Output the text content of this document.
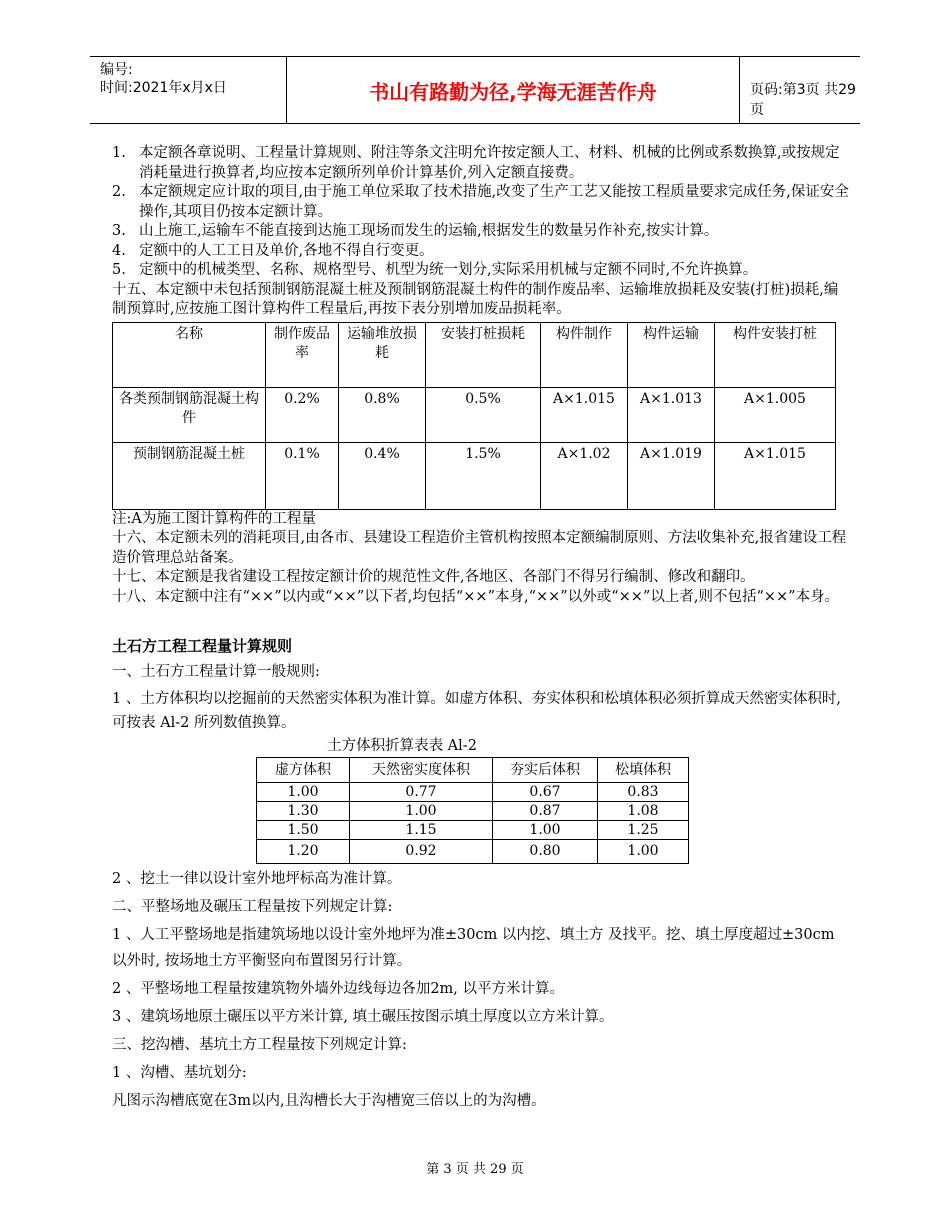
编号:
时间:2021年x月x日	书山有路勤为径,学海无涯苦作舟	页码:第3页 共29页
1. 本定额各章说明、工程量计算规则、附注等条文注明允许按定额人工、材料、机械的比例或系数换算,或按规定消耗量进行换算者,均应按本定额所列单价计算基价,列入定额直接费。
2. 本定额规定应计取的项目,由于施工单位采取了技术措施,改变了生产工艺又能按工程质量要求完成任务,保证安全操作,其项目仍按本定额计算。
3. 山上施工,运输车不能直接到达施工现场而发生的运输,根据发生的数量另作补充,按实计算。
4. 定额中的人工工日及单价,各地不得自行变更。
5. 定额中的机械类型、名称、规格型号、机型为统一划分,实际采用机械与定额不同时,不允许换算。

十五、本定额中未包括预制钢筋混凝土桩及预制钢筋混凝土构件的制作废品率、运输堆放损耗及安装(打桩)损耗,编制预算时,应按施工图计算构件工程量后,再按下表分别增加废品损耗率。

名称	制作废品率	运输堆放损耗	安装打桩损耗	构件制作	构件运输	构件安装打桩
各类预制钢筋混凝土构件	0.2%	0.8%	0.5%	A×1.015	A×1.013	A×1.005
预制钢筋混凝土桩	0.1%	0.4%	1.5%	A×1.02	A×1.019	A×1.015

注:A为施工图计算构件的工程量

十六、本定额未列的消耗项目,由各市、县建设工程造价主管机构按照本定额编制原则、方法收集补充,报省建设工程造价管理总站备案。

十七、本定额是我省建设工程按定额计价的规范性文件,各地区、各部门不得另行编制、修改和翻印。

十八、本定额中注有“××”以内或“××”以下者,均包括“××”本身,“××”以外或“××”以上者,则不包括“××”本身。

土石方工程工程量计算规则

一、土石方工程量计算一般规则:

1 、土方体积均以挖掘前的天然密实体积为准计算。如虚方体积、夯实体积和松填体积必须折算成天然密实体积时, 可按表 Al-2 所列数值换算。

土方体积折算表表 Al-2

虚方体积	天然密实度体积	夯实后体积	松填体积
1.00	0.77	0.67	0.83
1.30	1.00	0.87	1.08
1.50	1.15	1.00	1.25
1.20	0.92	0.80	1.00

2 、挖土一律以设计室外地坪标高为准计算。

二、平整场地及碾压工程量按下列规定计算:

1 、人工平整场地是指建筑场地以设计室外地坪为准±30cm 以内挖、填土方 及找平。挖、填土厚度超过±30cm 以外时, 按场地土方平衡竖向布置图另行计算。

2 、平整场地工程量按建筑物外墙外边线每边各加2m, 以平方米计算。

3 、建筑场地原土碾压以平方米计算, 填土碾压按图示填土厚度以立方米计算。

三、挖沟槽、基坑土方工程量按下列规定计算:

1 、沟槽、基坑划分:

凡图示沟槽底宽在3m以内,且沟槽长大于沟槽宽三倍以上的为沟槽。

第 3 页 共 29 页
